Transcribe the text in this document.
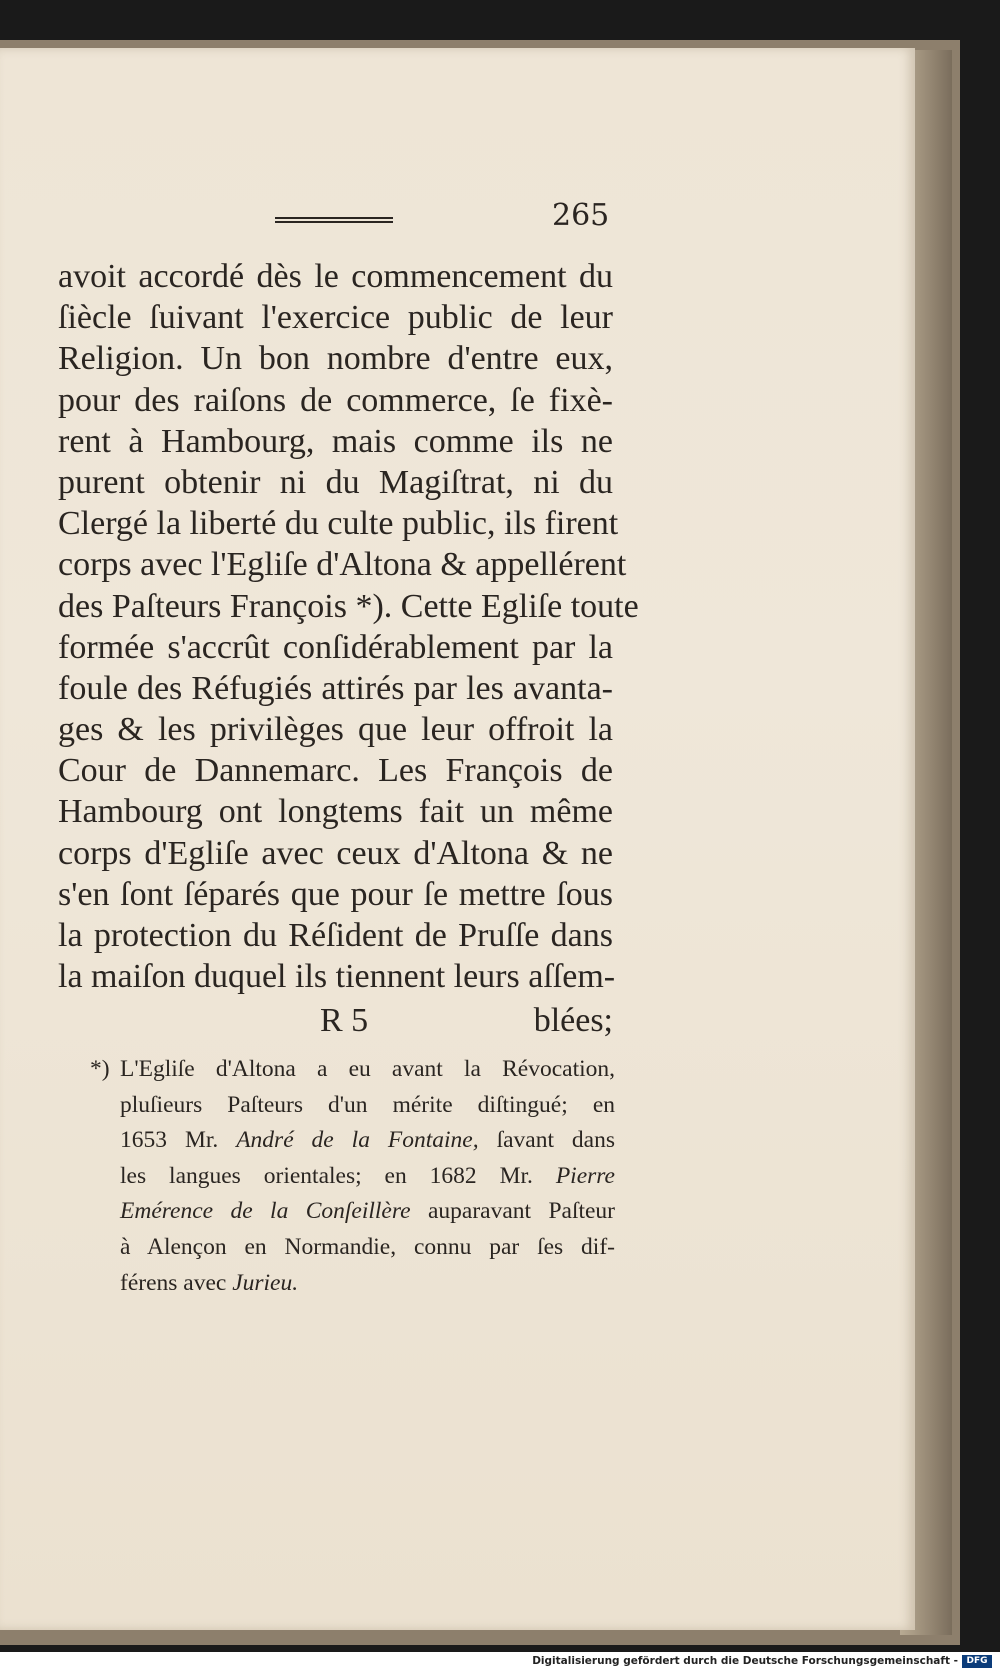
265
avoit accordé dès le commencement du
ſiècle ſuivant l'exercice public de leur
Religion. Un bon nombre d'entre eux,
pour des raiſons de commerce, ſe fixè-
rent à Hambourg, mais comme ils ne
purent obtenir ni du Magiſtrat, ni du
Clergé la liberté du culte public, ils firent
corps avec l'Egliſe d'Altona & appellérent
des Paſteurs François *). Cette Egliſe toute
formée s'accrût conſidérablement par la
foule des Réfugiés attirés par les avanta-
ges & les privilèges que leur offroit la
Cour de Dannemarc. Les François de
Hambourg ont longtems fait un même
corps d'Egliſe avec ceux d'Altona & ne
s'en ſont ſéparés que pour ſe mettre ſous
la protection du Réſident de Pruſſe dans
la maiſon duquel ils tiennent leurs aſſem-
R 5	blées;
*) L'Egliſe d'Altona a eu avant la Révocation,
pluſieurs Paſteurs d'un mérite diſtingué; en
1653 Mr. André de la Fontaine, ſavant dans
les langues orientales; en 1682 Mr. Pierre
Emérence de la Conſeillère auparavant Paſteur
à Alençon en Normandie, connu par ſes dif-
férens avec Jurieu.
Digitalisierung gefördert durch die Deutsche Forschungsgemeinschaft - DFG
